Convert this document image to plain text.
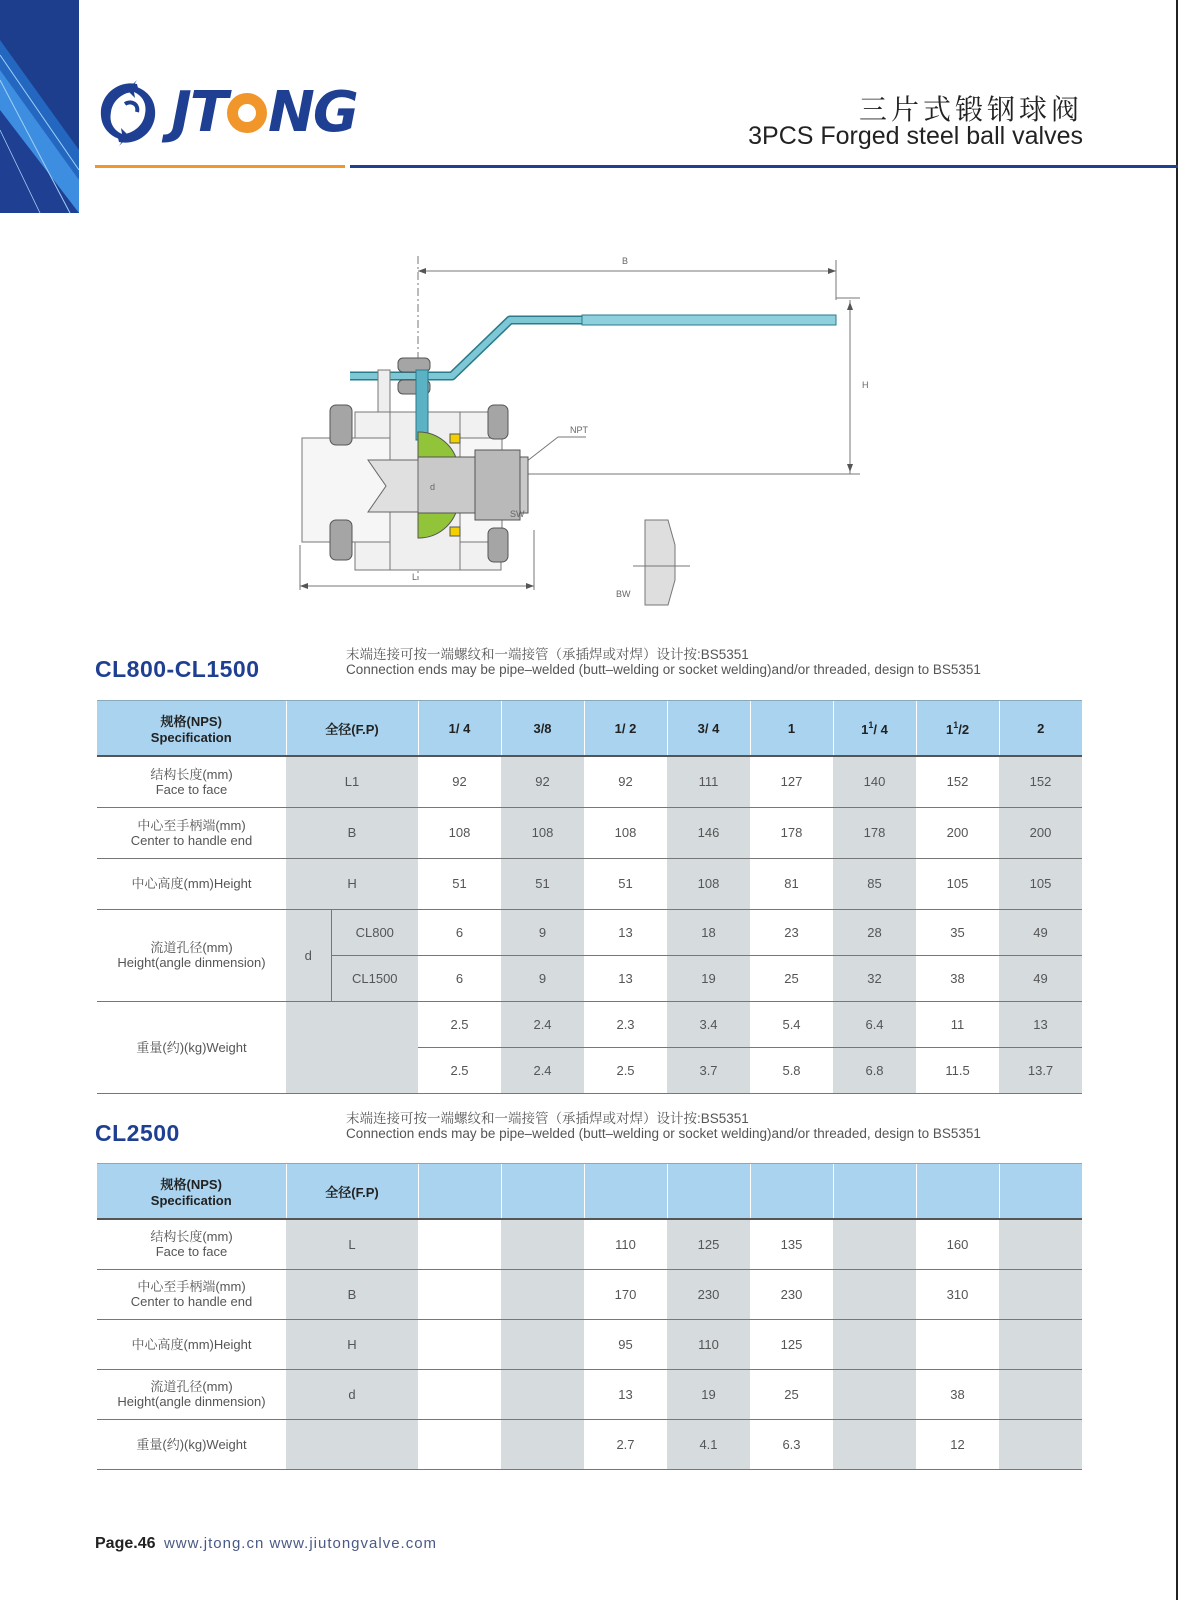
JT NG	三片式锻钢球阀
3PCS Forged steel ball valves
B
H
L
NPT
SW
BW
d
CL800-CL1500
末端连接可按一端螺纹和一端接管（承插焊或对焊）设计按:BS5351
Connection ends may be pipe–welded (butt–welding or socket welding)and/or threaded, design to BS5351
规格(NPS)
Specification	全径(F.P)		1/ 4	3/8	1/ 2	3/ 4	1	$1^1/$ 4	$1^1/2$	2
结构长度(mm)
Face to face	L1		92	92	92	111	127	140	152	152
中心至手柄端(mm)
Center to handle end	B		108	108	108	146	178	178	200	200
中心高度(mm)Height	H		51	51	51	108	81	85	105	105
流道孔径(mm)
Height(angle dinmension)	d	CL800	6	9	13	18	23	28	35	49
		CL1500	6	9	13	19	25	32	38	49
重量(约)(kg)Weight			2.5	2.4	2.3	3.4	5.4	6.4	11	13
			2.5	2.4	2.5	3.7	5.8	6.8	11.5	13.7
CL2500
末端连接可按一端螺纹和一端接管（承插焊或对焊）设计按:BS5351
Connection ends may be pipe–welded (butt–welding or socket welding)and/or threaded, design to BS5351
规格(NPS)
Specification	全径(F.P)								
结构长度(mm)
Face to face	L			110	125	135		160	
中心至手柄端(mm)
Center to handle end	B			170	230	230		310	
中心高度(mm)Height	H			95	110	125			
流道孔径(mm)
Height(angle dinmension)	d			13	19	25		38	
重量(约)(kg)Weight				2.7	4.1	6.3		12	
Page.46 www.jtong.cn www.jiutongvalve.com
